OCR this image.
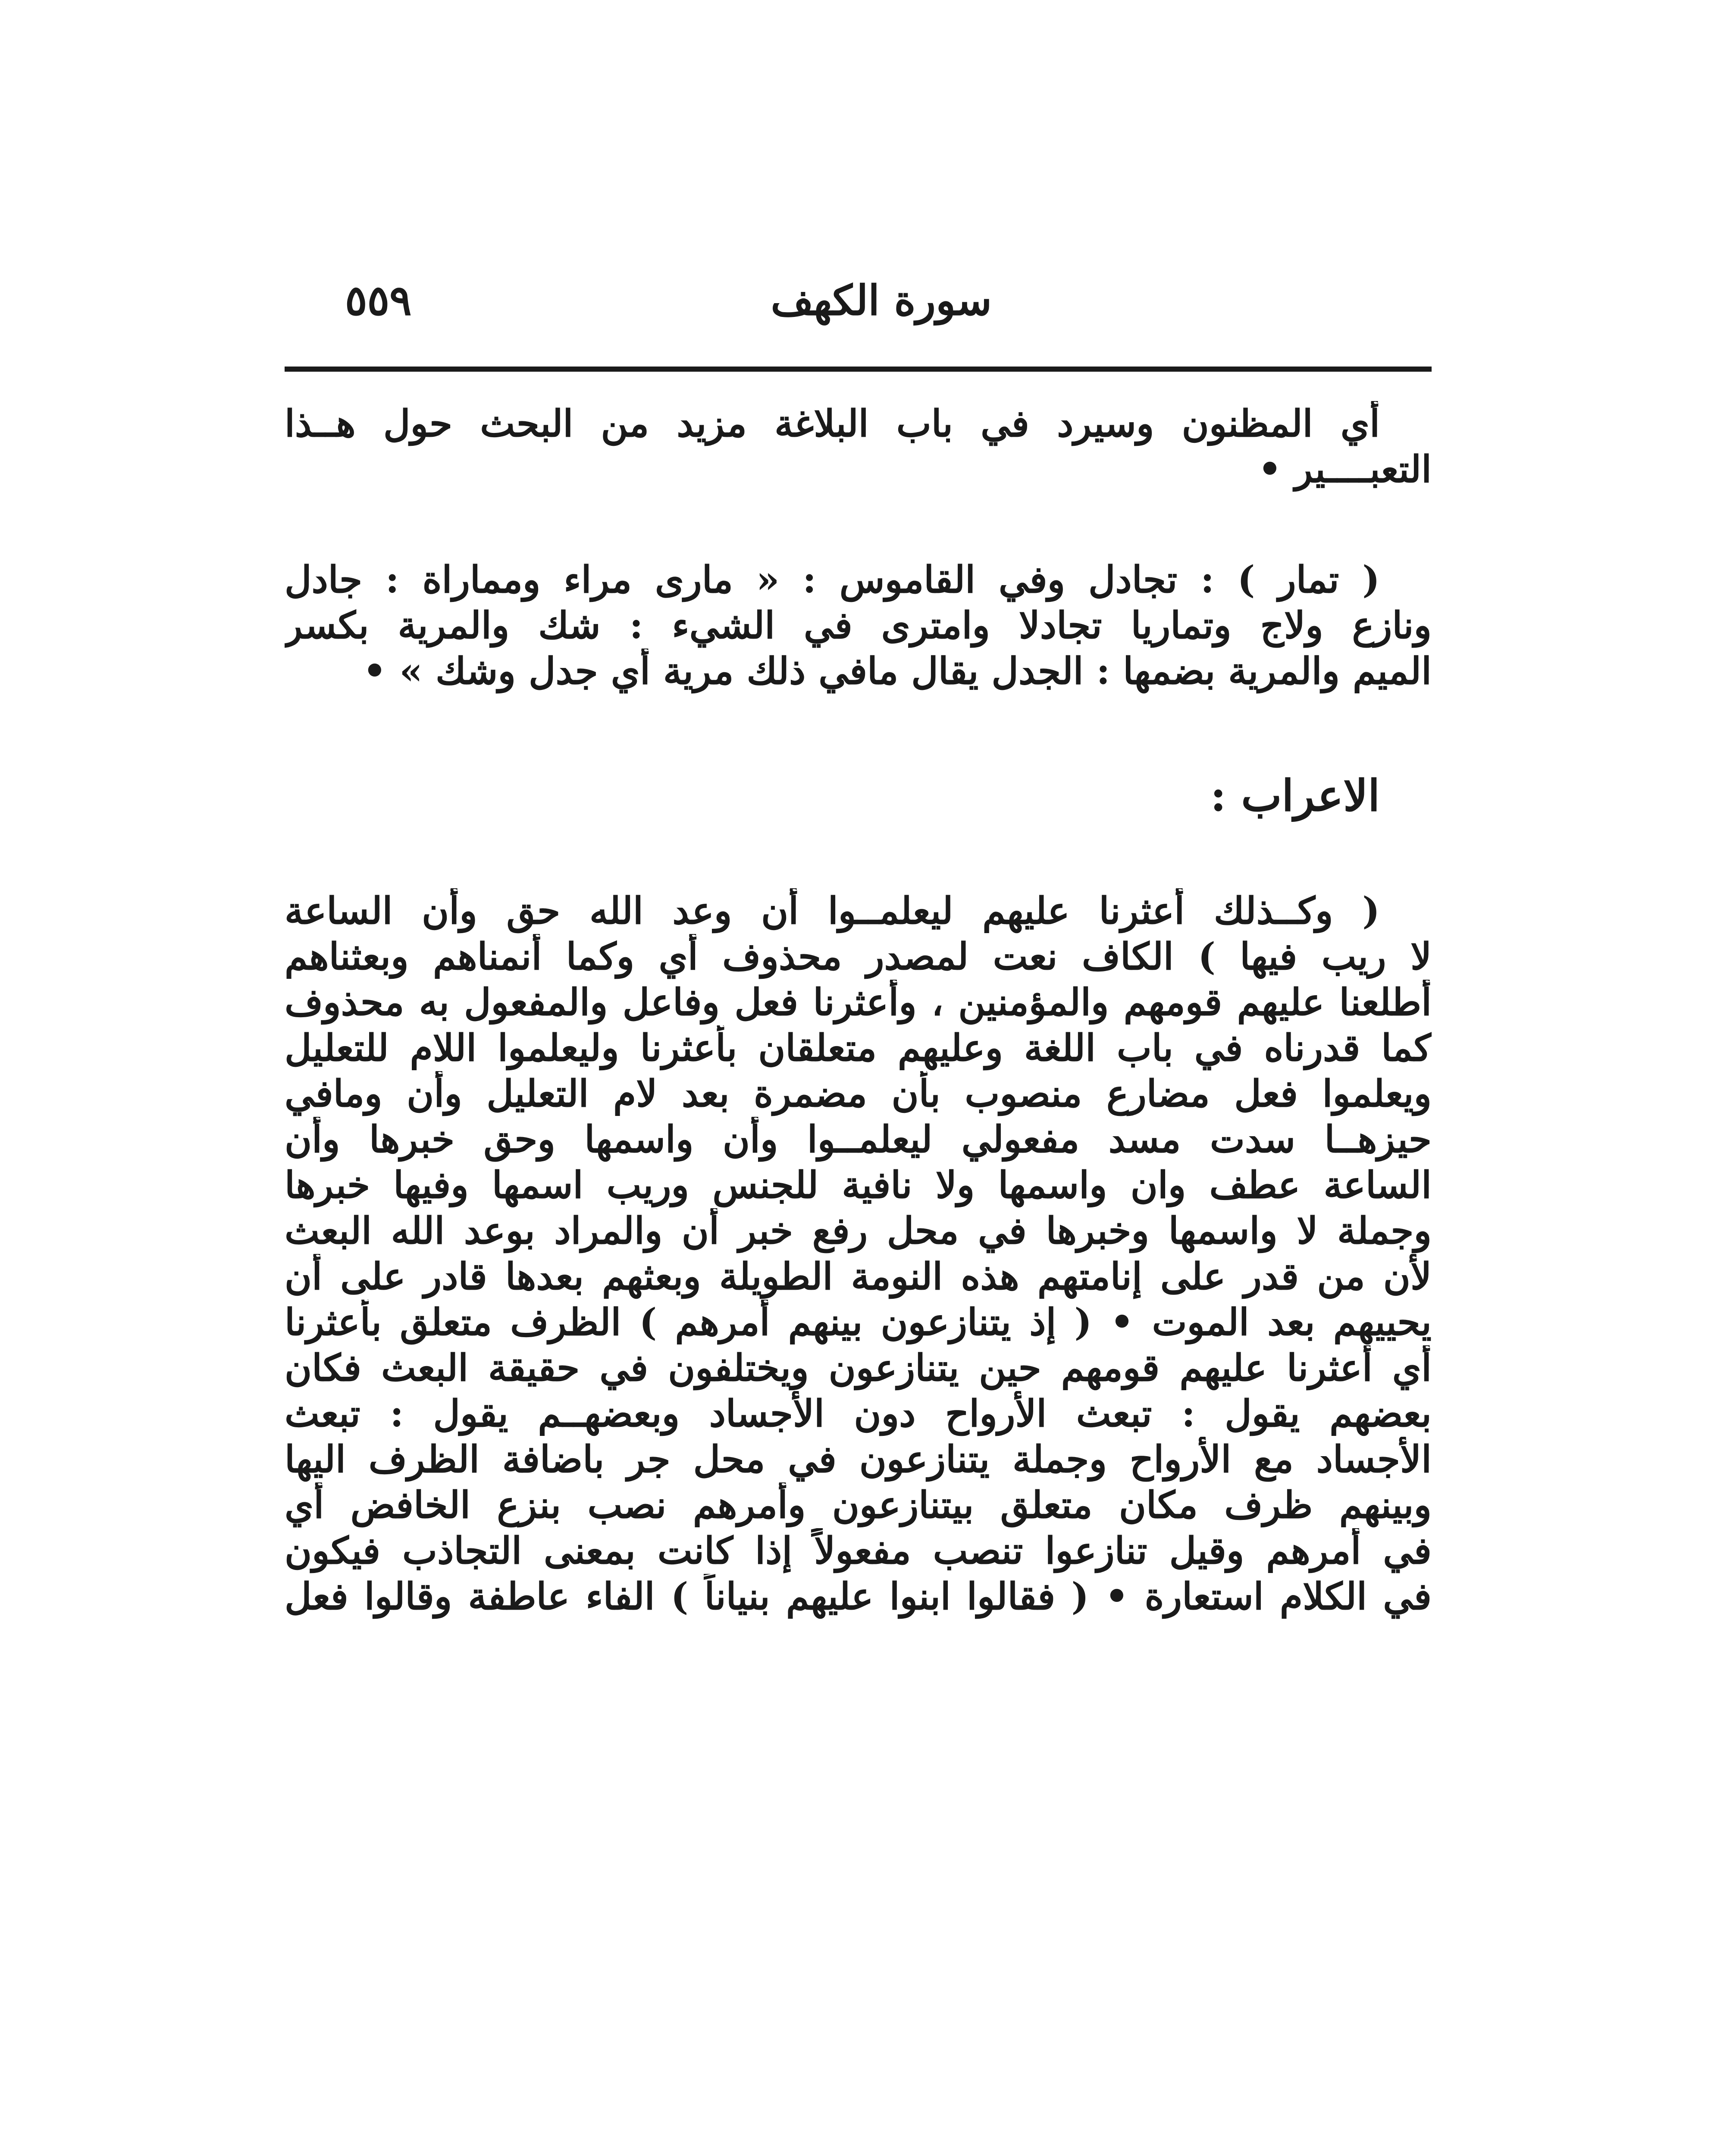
سورة الكهف
٥٥٩
أي المظنون وسيرد في باب البلاغة مزيد من البحث حول هــذا
التعبــــير •
( تمار ) : تجادل وفي القاموس : « مارى مراء ومماراة : جادل
ونازع ولاج وتماريا تجادلا وامترى في الشيء : شك والمرية بكسر
الميم والمرية بضمها : الجدل يقال مافي ذلك مرية أي جدل وشك » •
الاعراب :
( وكــذلك أعثرنا عليهم ليعلمــوا أن وعد الله حق وأن الساعة
لا ريب فيها ) الكاف نعت لمصدر محذوف أي وكما أنمناهم وبعثناهم
أطلعنا عليهم قومهم والمؤمنين ، وأعثرنا فعل وفاعل والمفعول به محذوف
كما قدرناه في باب اللغة وعليهم متعلقان بأعثرنا وليعلموا اللام للتعليل
ويعلموا فعل مضارع منصوب بأن مضمرة بعد لام التعليل وأن ومافي
حيزهــا سدت مسد مفعولي ليعلمــوا وأن واسمها وحق خبرها وأن
الساعة عطف وان واسمها ولا نافية للجنس وريب اسمها وفيها خبرها
وجملة لا واسمها وخبرها في محل رفع خبر أن والمراد بوعد الله البعث
لأن من قدر على إنامتهم هذه النومة الطويلة وبعثهم بعدها قادر على أن
يحييهم بعد الموت • ( إذ يتنازعون بينهم أمرهم ) الظرف متعلق بأعثرنا
أي أعثرنا عليهم قومهم حين يتنازعون ويختلفون في حقيقة البعث فكان
بعضهم يقول : تبعث الأرواح دون الأجساد وبعضهــم يقول : تبعث
الأجساد مع الأرواح وجملة يتنازعون في محل جر باضافة الظرف اليها
وبينهم ظرف مكان متعلق بيتنازعون وأمرهم نصب بنزع الخافض أي
في أمرهم وقيل تنازعوا تنصب مفعولاً إذا كانت بمعنى التجاذب فيكون
في الكلام استعارة • ( فقالوا ابنوا عليهم بنياناً ) الفاء عاطفة وقالوا فعل
